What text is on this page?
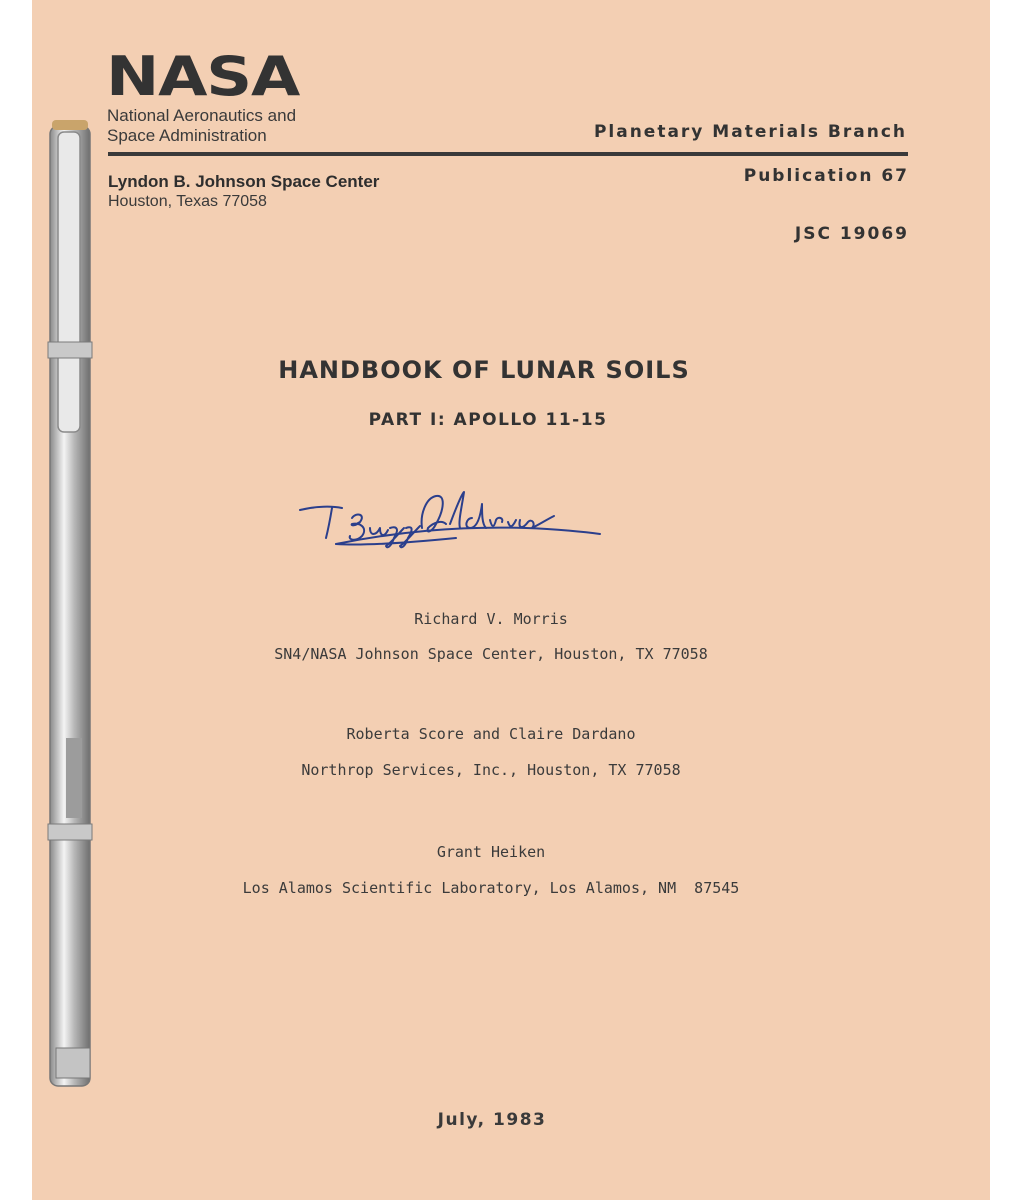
NASA
National Aeronautics and
Space Administration	Planetary Materials Branch
Lyndon B. Johnson Space Center
Houston, Texas 77058
Publication 67
JSC 19069
HANDBOOK OF LUNAR SOILS
PART I: APOLLO 11-15
Richard V. Morris
SN4/NASA Johnson Space Center, Houston, TX 77058
Roberta Score and Claire Dardano
Northrop Services, Inc., Houston, TX 77058
Grant Heiken
Los Alamos Scientific Laboratory, Los Alamos, NM  87545
July, 1983
